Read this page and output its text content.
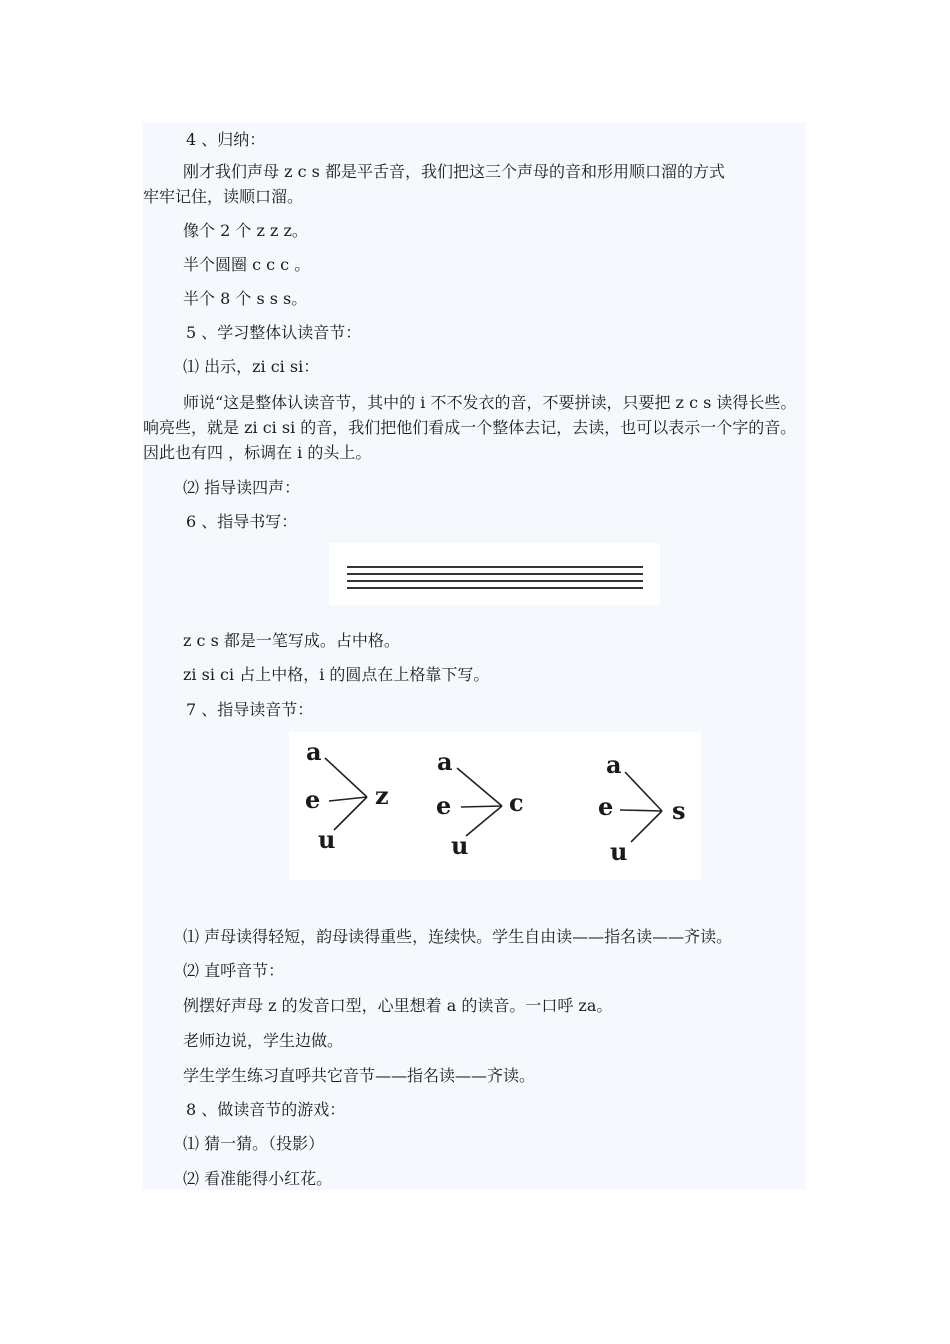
4 、归纳：

刚才我们声母 z c s 都是平舌音，我们把这三个声母的音和形用顺口溜的方式

牢牢记住，读顺口溜。
像个 2 个 z z z。
半个圆圈 c c c 。
半个 8 个 s s s。
5 、学习整体认读音节：
⑴ 出示，zi ci si：

师说“这是整体认读音节，其中的 i 不不发衣的音，不要拼读，只要把 z c s 读得长些。响亮些，就是 zi ci si 的音，我们把他们看成一个整体去记，去读，也可以表示一个字的音。因此也有四 ，标调在 i 的头上。

⑵ 指导读四声：
6 、指导书写：
z c s 都是一笔写成。占中格。
zi si ci 占上中格，i 的圆点在上格靠下写。
7 、指导读音节：
a
e
u
z
a
e
u
c
a
e
u
s
⑴ 声母读得轻短，韵母读得重些，连续快。学生自由读——指名读——齐读。
⑵ 直呼音节：
例摆好声母 z 的发音口型，心里想着 a 的读音。一口呼 za。
老师边说，学生边做。
学生学生练习直呼共它音节——指名读——齐读。
8 、做读音节的游戏：
⑴ 猜一猜。（投影）
⑵ 看准能得小红花。
